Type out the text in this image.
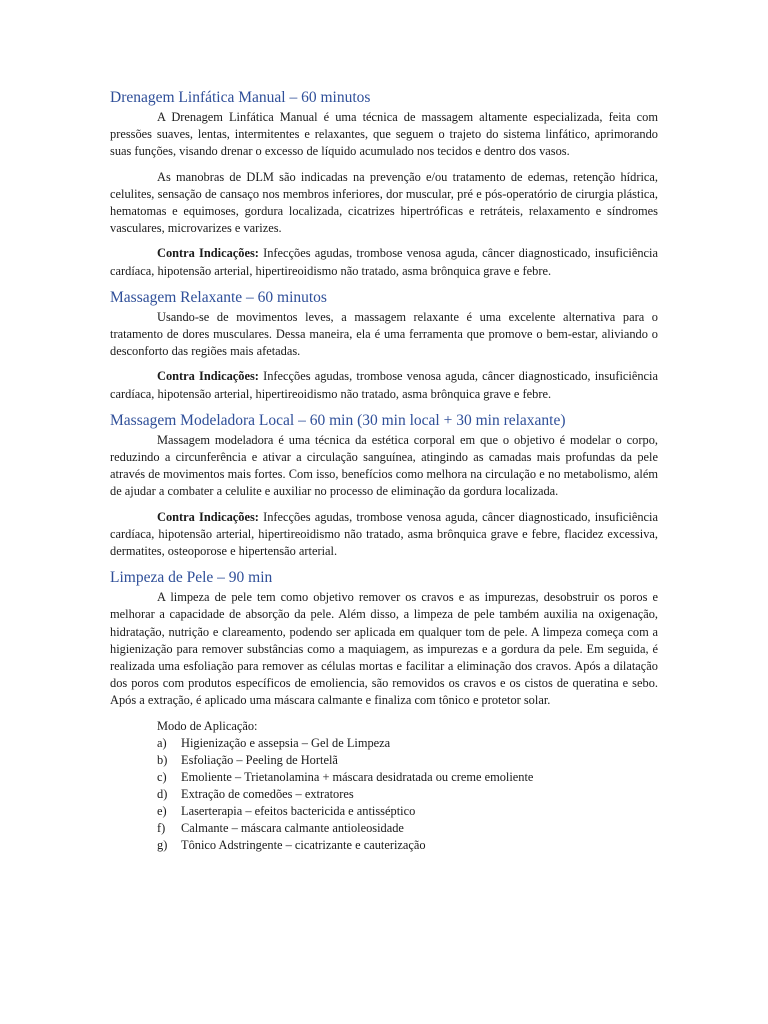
Drenagem Linfática Manual – 60 minutos

A Drenagem Linfática Manual é uma técnica de massagem altamente especializada, feita com pressões suaves, lentas, intermitentes e relaxantes, que seguem o trajeto do sistema linfático, aprimorando suas funções, visando drenar o excesso de líquido acumulado nos tecidos e dentro dos vasos.

As manobras de DLM são indicadas na prevenção e/ou tratamento de edemas, retenção hídrica, celulites, sensação de cansaço nos membros inferiores, dor muscular, pré e pós-operatório de cirurgia plástica, hematomas e equimoses, gordura localizada, cicatrizes hipertróficas e retráteis, relaxamento e síndromes vasculares, microvarizes e varizes.

Contra Indicações: Infecções agudas, trombose venosa aguda, câncer diagnosticado, insuficiência cardíaca, hipotensão arterial, hipertireoidismo não tratado, asma brônquica grave e febre.

Massagem Relaxante – 60 minutos

Usando-se de movimentos leves, a massagem relaxante é uma excelente alternativa para o tratamento de dores musculares. Dessa maneira, ela é uma ferramenta que promove o bem-estar, aliviando o desconforto das regiões mais afetadas.

Contra Indicações: Infecções agudas, trombose venosa aguda, câncer diagnosticado, insuficiência cardíaca, hipotensão arterial, hipertireoidismo não tratado, asma brônquica grave e febre.

Massagem Modeladora Local – 60 min (30 min local + 30 min relaxante)

Massagem modeladora é uma técnica da estética corporal em que o objetivo é modelar o corpo, reduzindo a circunferência e ativar a circulação sanguínea, atingindo as camadas mais profundas da pele através de movimentos mais fortes. Com isso, benefícios como melhora na circulação e no metabolismo, além de ajudar a combater a celulite e auxiliar no processo de eliminação da gordura localizada.

Contra Indicações: Infecções agudas, trombose venosa aguda, câncer diagnosticado, insuficiência cardíaca, hipotensão arterial, hipertireoidismo não tratado, asma brônquica grave e febre, flacidez excessiva, dermatites, osteoporose e hipertensão arterial.

Limpeza de Pele – 90 min

A limpeza de pele tem como objetivo remover os cravos e as impurezas, desobstruir os poros e melhorar a capacidade de absorção da pele. Além disso, a limpeza de pele também auxilia na oxigenação, hidratação, nutrição e clareamento, podendo ser aplicada em qualquer tom de pele. A limpeza começa com a higienização para remover substâncias como a maquiagem, as impurezas e a gordura da pele. Em seguida, é realizada uma esfoliação para remover as células mortas e facilitar a eliminação dos cravos. Após a dilatação dos poros com produtos específicos de emoliencia, são removidos os cravos e os cistos de queratina e sebo. Após a extração, é aplicado uma máscara calmante e finaliza com tônico e protetor solar.

Modo de Aplicação:
a)	Higienização e assepsia – Gel de Limpeza
b)	Esfoliação – Peeling de Hortelã
c)	Emoliente – Trietanolamina + máscara desidratada ou creme emoliente
d)	Extração de comedões – extratores
e)	Laserterapia – efeitos bactericida e antisséptico
f)	Calmante – máscara calmante antioleosidade
g)	Tônico Adstringente – cicatrizante e cauterização
